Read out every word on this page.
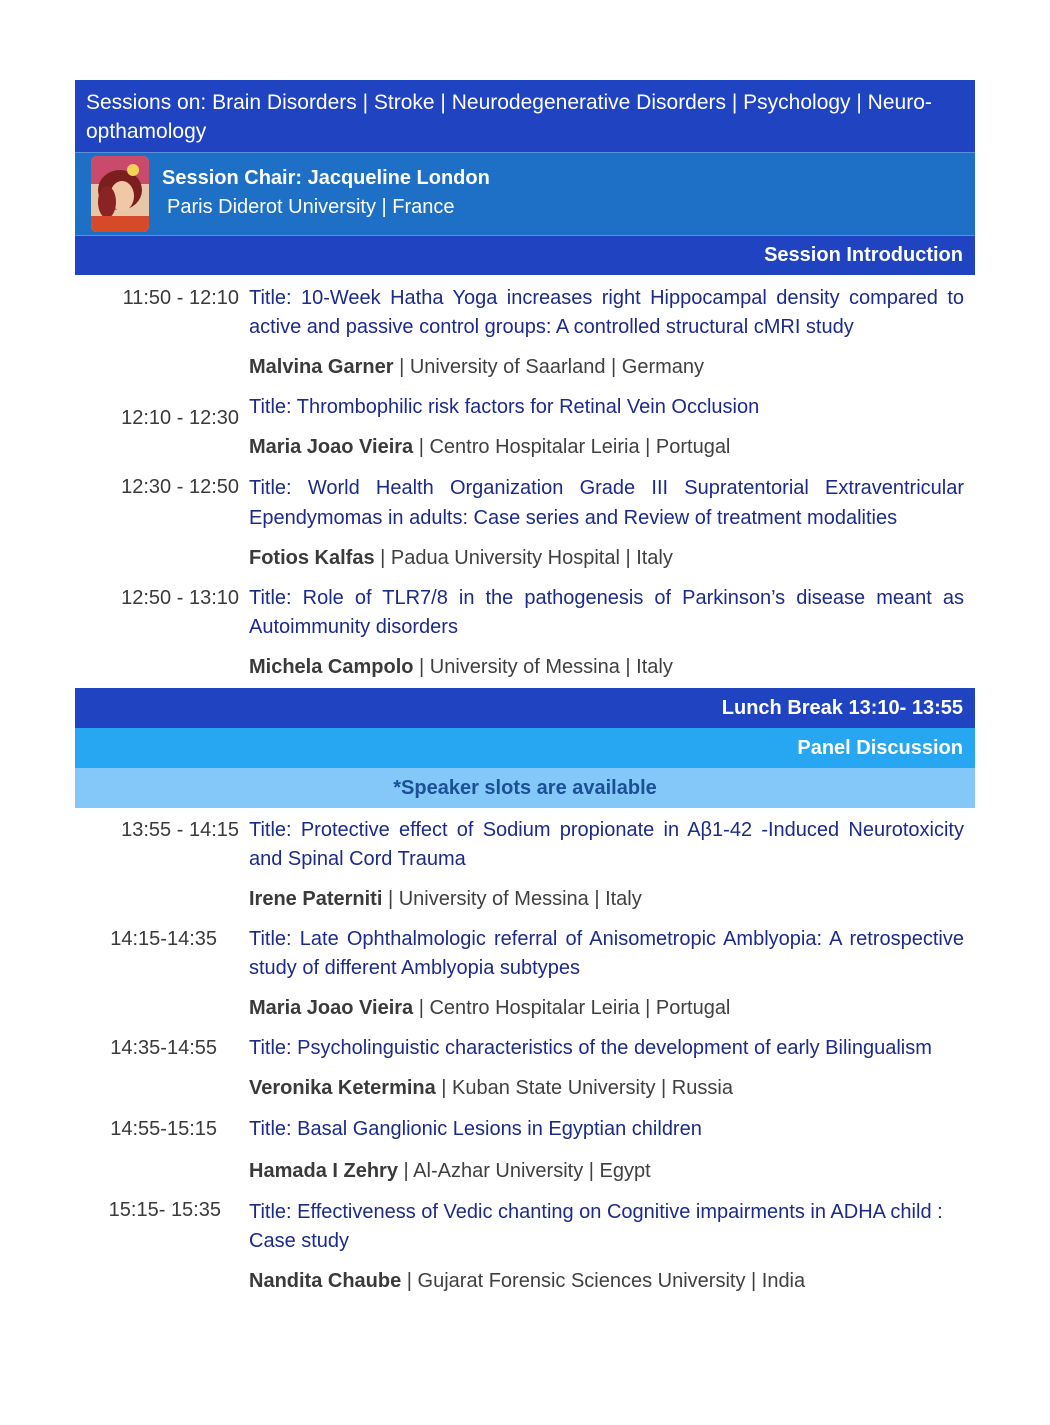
Sessions on: Brain Disorders | Stroke | Neurodegenerative Disorders | Psychology | Neuro-opthamology
Session Chair: Jacqueline London
Paris Diderot University | France
Session Introduction
11:50 - 12:10 Title: 10-Week Hatha Yoga increases right Hippocampal density compared to active and passive control groups: A controlled structural cMRI study
Malvina Garner | University of Saarland | Germany
12:10 - 12:30 Title: Thrombophilic risk factors for Retinal Vein Occlusion
Maria Joao Vieira | Centro Hospitalar Leiria | Portugal
12:30 - 12:50 Title: World Health Organization Grade III Supratentorial Extraventricular Ependymomas in adults: Case series and Review of treatment modalities
Fotios Kalfas | Padua University Hospital | Italy
12:50 - 13:10 Title: Role of TLR7/8 in the pathogenesis of Parkinson’s disease meant as Autoimmunity disorders
Michela Campolo | University of Messina | Italy
Lunch Break 13:10- 13:55
Panel Discussion
*Speaker slots are available
13:55 - 14:15 Title: Protective effect of Sodium propionate in Aβ1-42 -Induced Neurotoxicity and Spinal Cord Trauma
Irene Paterniti | University of Messina | Italy
14:15-14:35 Title: Late Ophthalmologic referral of Anisometropic Amblyopia: A retrospective study of different Amblyopia subtypes
Maria Joao Vieira | Centro Hospitalar Leiria | Portugal
14:35-14:55 Title: Psycholinguistic characteristics of the development of early Bilingualism
Veronika Ketermina | Kuban State University | Russia
14:55-15:15 Title: Basal Ganglionic Lesions in Egyptian children
Hamada I Zehry | Al-Azhar University | Egypt
15:15- 15:35 Title: Effectiveness of Vedic chanting on Cognitive impairments in ADHA child : Case study
Nandita Chaube | Gujarat Forensic Sciences University | India
